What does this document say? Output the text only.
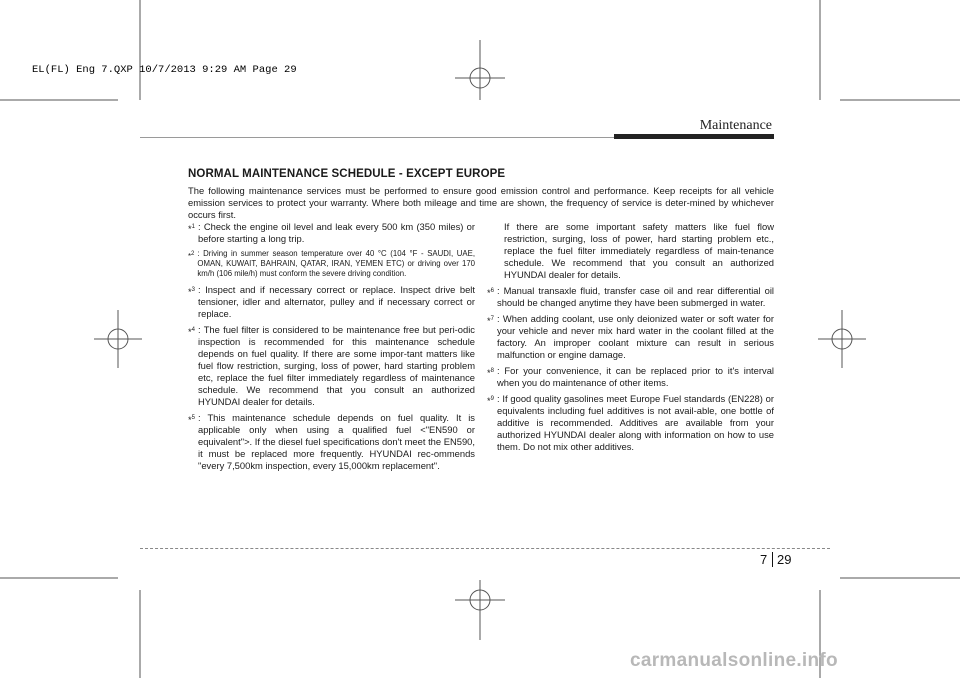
EL(FL) Eng 7.QXP 10/7/2013 9:29 AM Page 29
Maintenance
NORMAL MAINTENANCE SCHEDULE - EXCEPT EUROPE
The following maintenance services must be performed to ensure good emission control and performance. Keep receipts for all vehicle emission services to protect your warranty. Where both mileage and time are shown, the frequency of service is deter-mined by whichever occurs first.
*$^1$ : Check the engine oil level and leak every 500 km (350 miles) or before starting a long trip.
*$^2$ : Driving in summer season temperature over 40 °C (104 °F - SAUDI, UAE, OMAN, KUWAIT, BAHRAIN, QATAR, IRAN, YEMEN ETC) or driving over 170 km/h (106 mile/h) must conform the severe driving condition.
*$^3$ : Inspect and if necessary correct or replace. Inspect drive belt tensioner, idler and alternator, pulley and if necessary correct or replace.
*$^4$ : The fuel filter is considered to be maintenance free but peri-odic inspection is recommended for this maintenance schedule depends on fuel quality. If there are some impor-tant matters like fuel flow restriction, surging, loss of power, hard starting problem etc, replace the fuel filter immediately regardless of maintenance schedule. We recommend that you consult an authorized HYUNDAI dealer for details.
*$^5$ : This maintenance schedule depends on fuel quality. It is applicable only when using a qualified fuel <"EN590 or equivalent">. If the diesel fuel specifications don't meet the EN590, it must be replaced more frequently. HYUNDAI rec-ommends "every 7,500km inspection, every 15,000km replacement".
If there are some important safety matters like fuel flow restriction, surging, loss of power, hard starting problem etc., replace the fuel filter immediately regardless of main-tenance schedule. We recommend that you consult an authorized HYUNDAI dealer for details.
*$^6$ : Manual transaxle fluid, transfer case oil and rear differential oil should be changed anytime they have been submerged in water.
*$^7$ : When adding coolant, use only deionized water or soft water for your vehicle and never mix hard water in the coolant filled at the factory. An improper coolant mixture can result in serious malfunction or engine damage.
*$^8$ : For your convenience, it can be replaced prior to it's interval when you do maintenance of other items.
*$^9$ : If good quality gasolines meet Europe Fuel standards (EN228) or equivalents including fuel additives is not avail-able, one bottle of additive is recommended. Additives are available from your authorized HYUNDAI dealer along with information on how to use them. Do not mix other additives.
7 29
carmanualsonline.info
